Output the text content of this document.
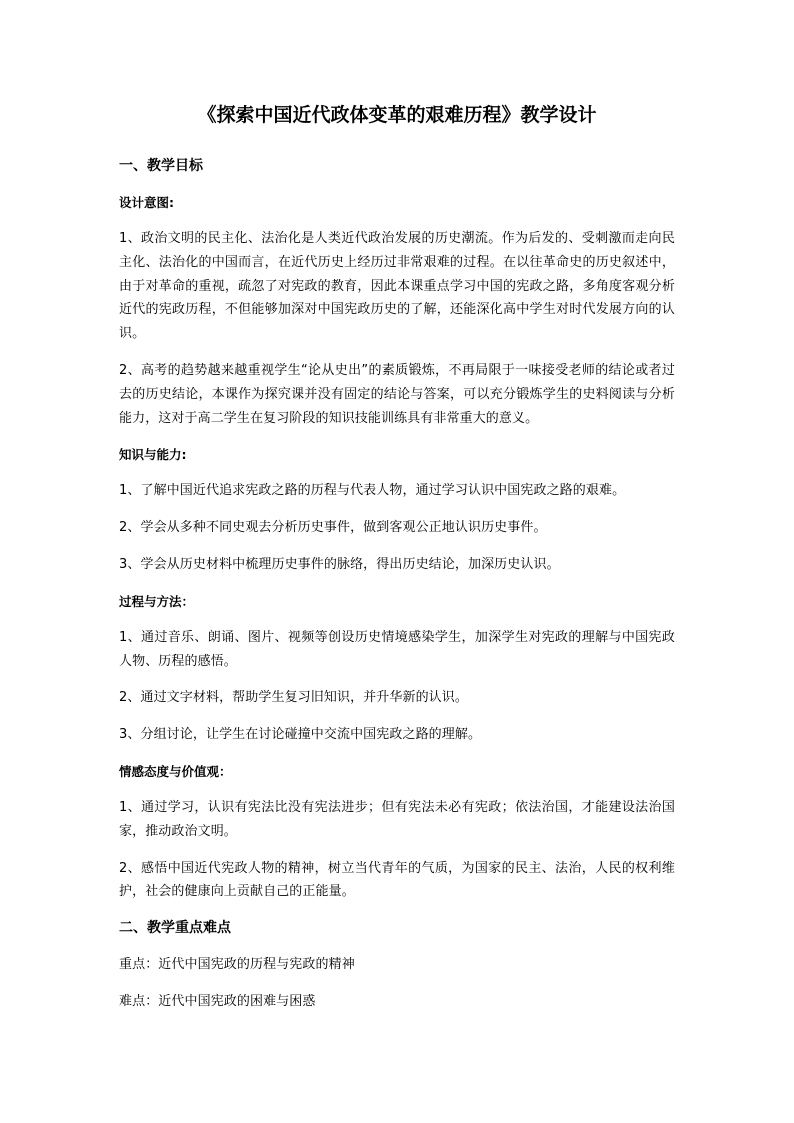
《探索中国近代政体变革的艰难历程》教学设计
一、教学目标
设计意图:
1、政治文明的民主化、法治化是人类近代政治发展的历史潮流。作为后发的、受刺激而走向民主化、法治化的中国而言，在近代历史上经历过非常艰难的过程。在以往革命史的历史叙述中，由于对革命的重视，疏忽了对宪政的教育，因此本课重点学习中国的宪政之路，多角度客观分析近代的宪政历程，不但能够加深对中国宪政历史的了解，还能深化高中学生对时代发展方向的认识。
2、高考的趋势越来越重视学生“论从史出”的素质锻炼，不再局限于一味接受老师的结论或者过去的历史结论，本课作为探究课并没有固定的结论与答案，可以充分锻炼学生的史料阅读与分析能力，这对于高二学生在复习阶段的知识技能训练具有非常重大的意义。
知识与能力:
1、了解中国近代追求宪政之路的历程与代表人物，通过学习认识中国宪政之路的艰难。
2、学会从多种不同史观去分析历史事件，做到客观公正地认识历史事件。
3、学会从历史材料中梳理历史事件的脉络，得出历史结论，加深历史认识。
过程与方法：
1、通过音乐、朗诵、图片、视频等创设历史情境感染学生，加深学生对宪政的理解与中国宪政人物、历程的感悟。
2、通过文字材料，帮助学生复习旧知识，并升华新的认识。
3、分组讨论，让学生在讨论碰撞中交流中国宪政之路的理解。
情感态度与价值观：
1、通过学习，认识有宪法比没有宪法进步；但有宪法未必有宪政；依法治国，才能建设法治国家，推动政治文明。
2、感悟中国近代宪政人物的精神，树立当代青年的气质，为国家的民主、法治，人民的权利维护，社会的健康向上贡献自己的正能量。
二、教学重点难点
重点：近代中国宪政的历程与宪政的精神
难点：近代中国宪政的困难与困惑
